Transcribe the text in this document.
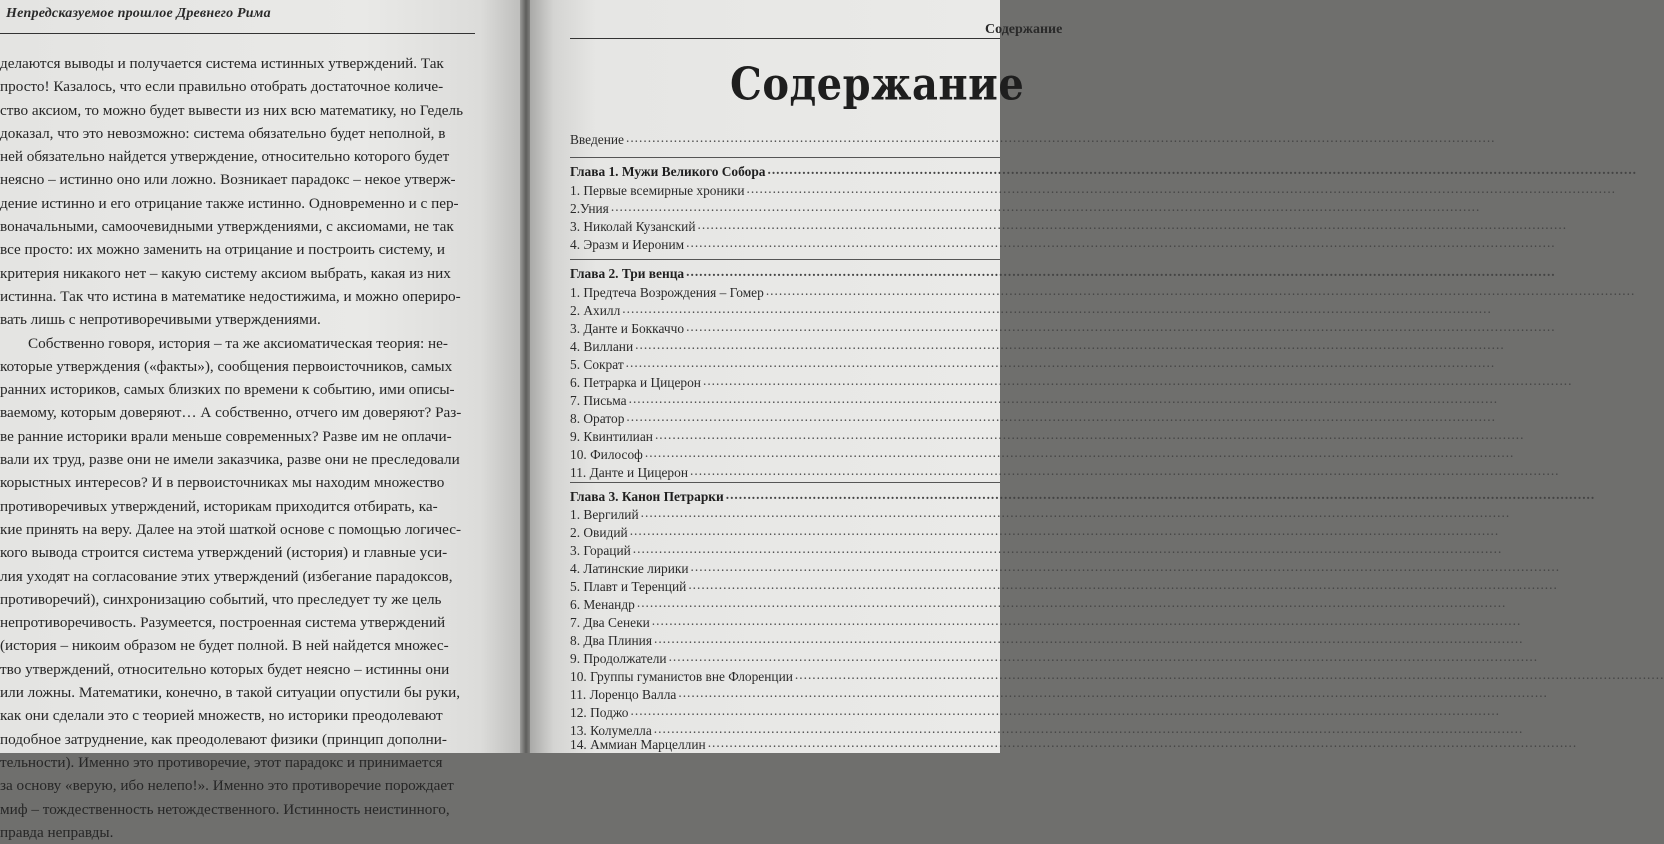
Непредсказуемое прошлое Древнего Рима
делаются выводы и получается система истинных утверждений. Так
просто! Казалось, что если правильно отобрать достаточное количе-
ство аксиом, то можно будет вывести из них всю математику, но Гедель
доказал, что это невозможно: система обязательно будет неполной, в
ней обязательно найдется утверждение, относительно которого будет
неясно – истинно оно или ложно. Возникает парадокс – некое утверж-
дение истинно и его отрицание также истинно. Одновременно и с пер-
воначальными, самоочевидными утверждениями, с аксиомами, не так
все просто: их можно заменить на отрицание и построить систему, и
критерия никакого нет – какую систему аксиом выбрать, какая из них
истинна. Так что истина в математике недостижима, и можно опериро-
вать лишь с непротиворечивыми утверждениями.
Собственно говоря, история – та же аксиоматическая теория: не-
которые утверждения («факты»), сообщения первоисточников, самых
ранних историков, самых близких по времени к событию, ими описы-
ваемому, которым доверяют… А собственно, отчего им доверяют? Раз-
ве ранние историки врали меньше современных? Разве им не оплачи-
вали их труд, разве они не имели заказчика, разве они не преследовали
корыстных интересов? И в первоисточниках мы находим множество
противоречивых утверждений, историкам приходится отбирать, ка-
кие принять на веру. Далее на этой шаткой основе с помощью логичес-
кого вывода строится система утверждений (история) и главные уси-
лия уходят на согласование этих утверждений (избегание парадоксов,
противоречий), синхронизацию событий, что преследует ту же цель
непротиворечивость. Разумеется, построенная система утверждений
(история – никоим образом не будет полной. В ней найдется множес-
тво утверждений, относительно которых будет неясно – истинны они
или ложны. Математики, конечно, в такой ситуации опустили бы руки,
как они сделали это с теорией множеств, но историки преодолевают
подобное затруднение, как преодолевают физики (принцип дополни-
тельности). Именно это противоречие, этот парадокс и принимается
за основу «верую, ибо нелепо!». Именно это противоречие порождает
миф – тождественность нетождественного. Истинность неистинного,
правда неправды.
Содержание
Содержание
Введение
.....
Глава 1. Мужи Великого Собора
.....
1. Первые всемирные хроники
.....
2.Уния
.....
3. Николай Кузанский
.....
4. Эразм и Иероним
.....
Глава 2. Три венца
.....
1. Предтеча Возрождения – Гомер
.....
2. Ахилл
.....
3. Данте и Боккаччо
.....
4. Виллани
.....
5. Сократ
.....
6. Петрарка и Цицерон
.....
7. Письма
.....
8. Оратор
.....
9. Квинтилиан
.....
10. Философ
.....
11. Данте и Цицерон
.....
Глава 3. Канон Петрарки
.....
1. Вергилий
.....
2. Овидий
.....
3. Гораций
.....
4. Латинские лирики
.....
5. Плавт и Теренций
.....
6. Менандр
.....
7. Два Сенеки
.....
8. Два Плиния
.....
9. Продолжатели
.....
10. Группы гуманистов вне Флоренции
.....
11. Лоренцо Валла
.....
12. Поджо
.....
13. Колумелла
.....
14. Аммиан Марцеллин
.....
